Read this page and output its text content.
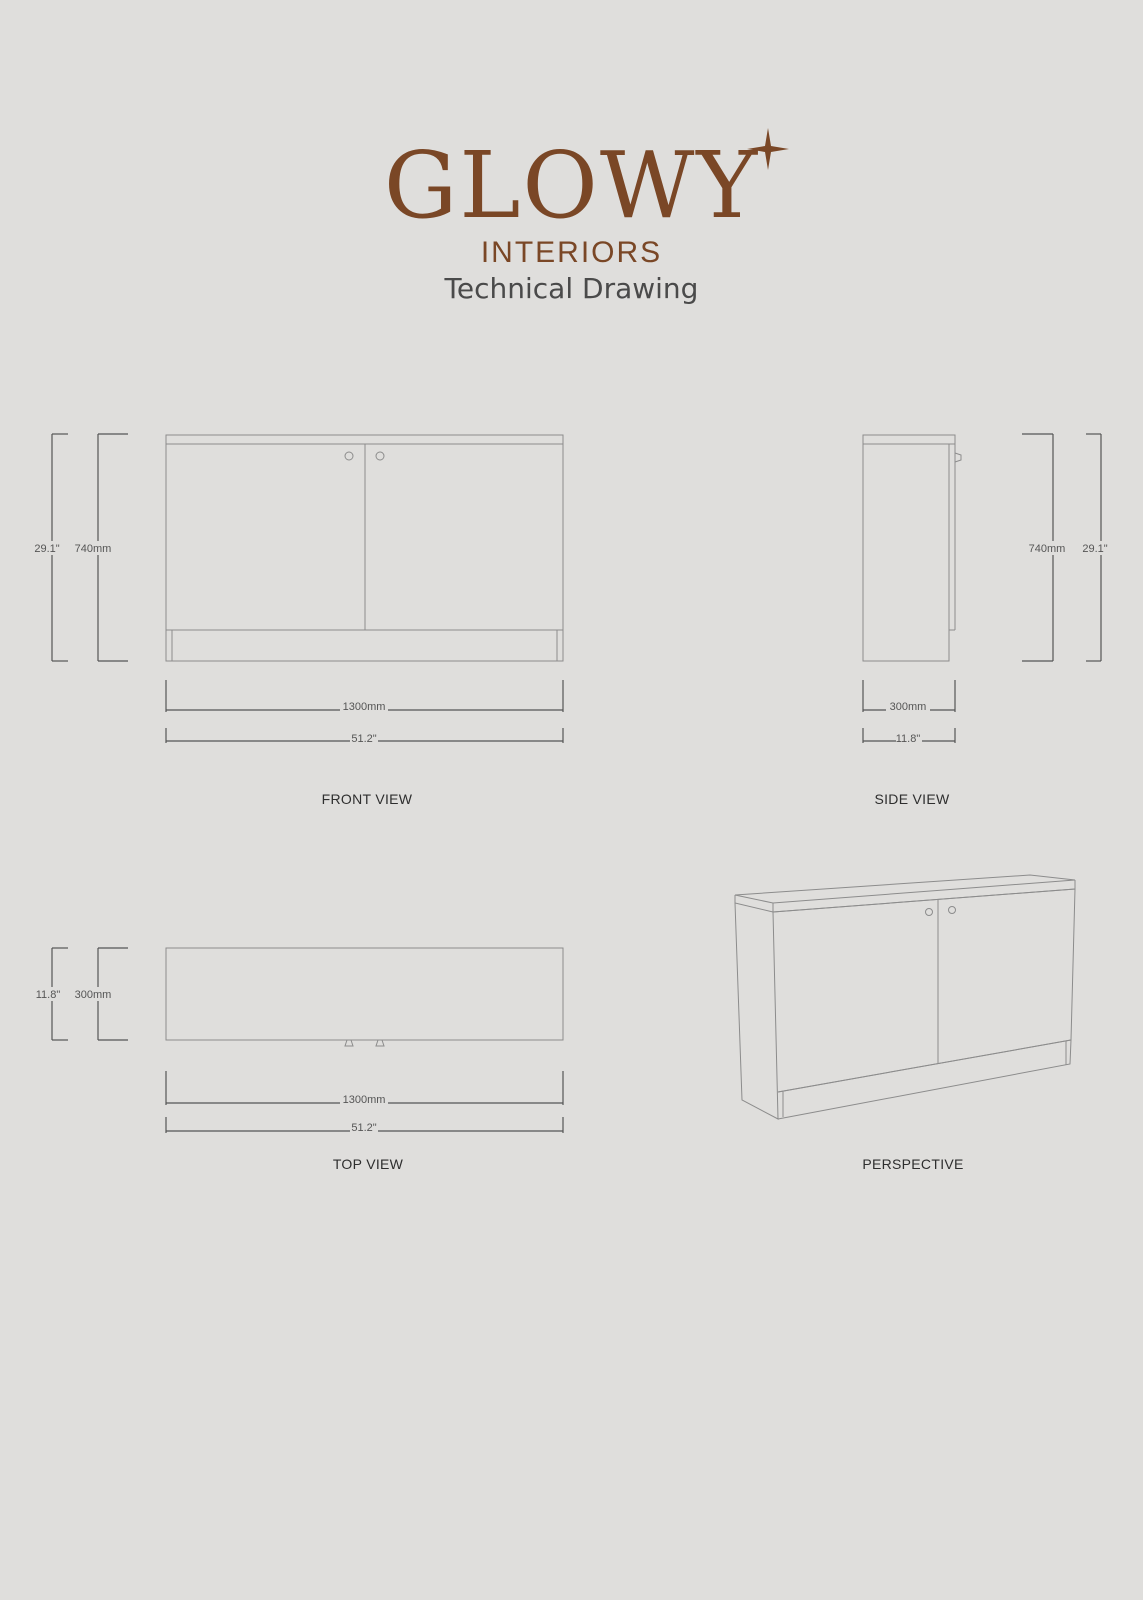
GLOWY
INTERIORS
Technical Drawing
29.1" 740mm
1300mm
51.2"
FRONT VIEW
740mm 29.1"
300mm
11.8"
SIDE VIEW
11.8" 300mm
1300mm
51.2"
TOP VIEW	PERSPECTIVE
